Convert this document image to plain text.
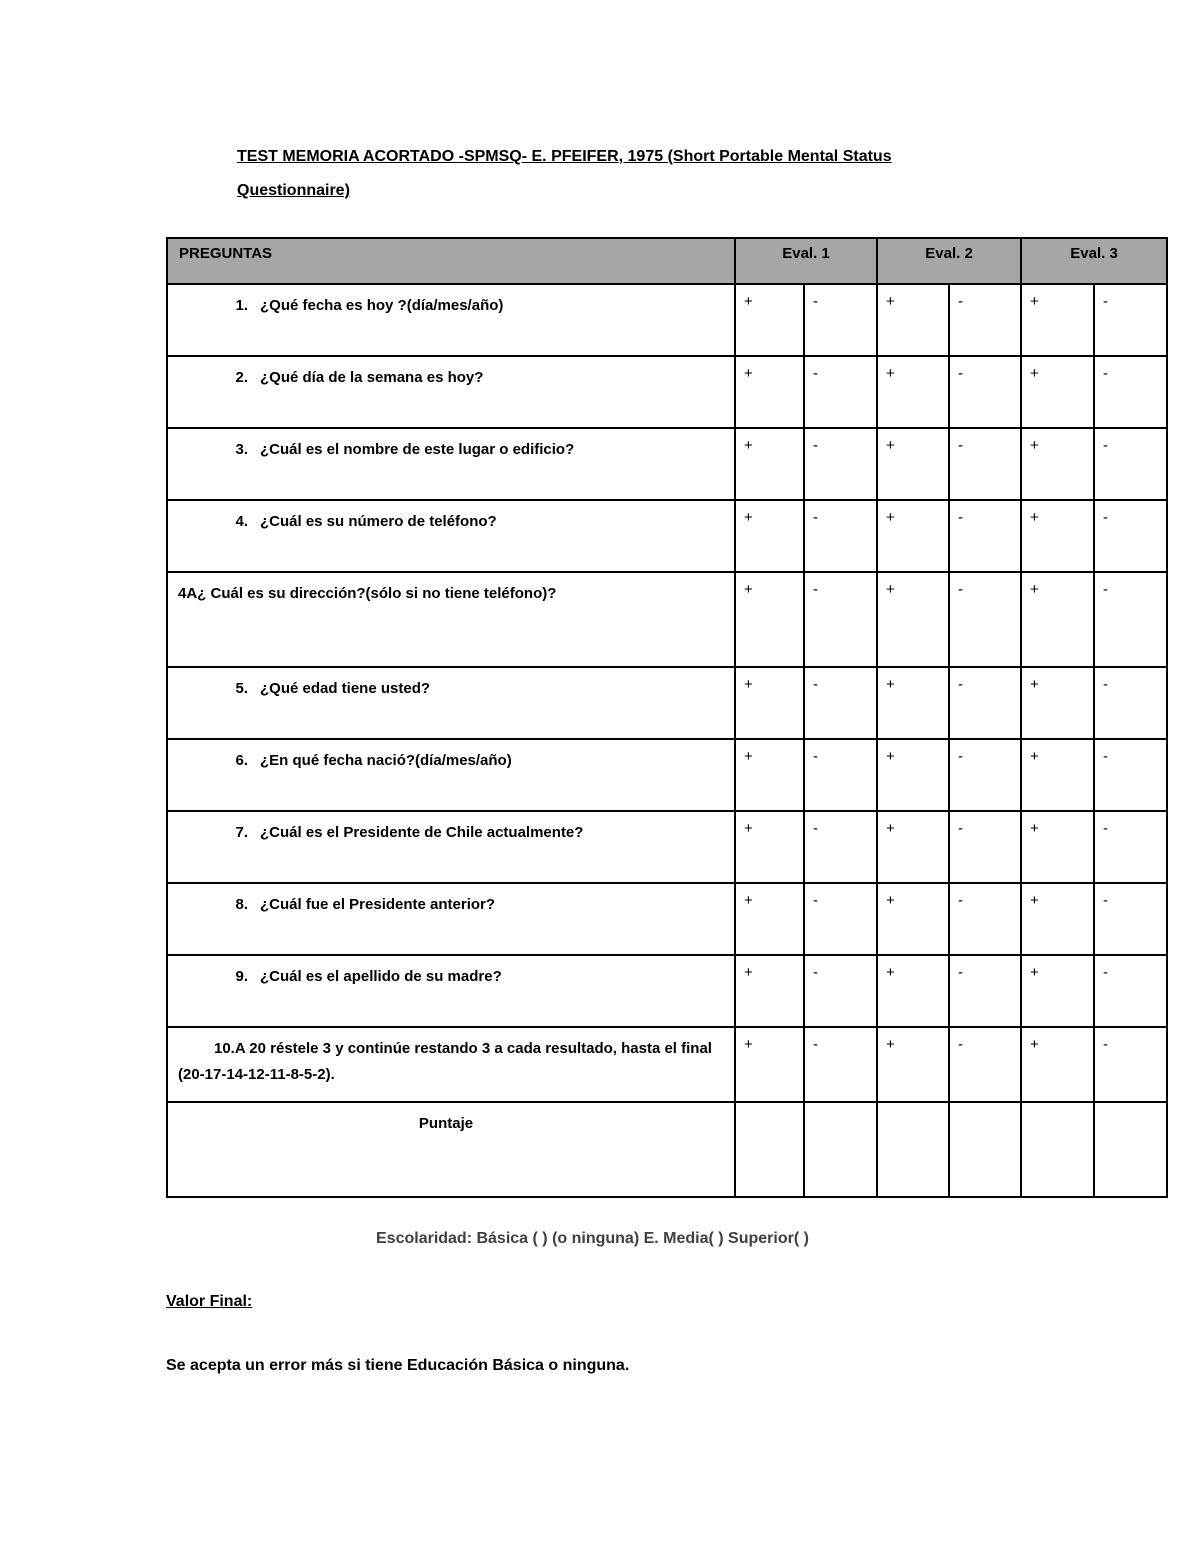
TEST MEMORIA ACORTADO -SPMSQ- E. PFEIFER, 1975 (Short Portable Mental Status
Questionnaire)
PREGUNTAS	Eval. 1		Eval. 2		Eval. 3	

1. ¿Qué fecha es hoy ?(día/mes/año)	+	-	+	-	+	-

2. ¿Qué día de la semana es hoy?	+	-	+	-	+	-

3. ¿Cuál es el nombre de este lugar o edificio?	+	-	+	-	+	-

4. ¿Cuál es su número de teléfono?	+	-	+	-	+	-

4A¿ Cuál es su dirección?(sólo si no tiene teléfono)?	+	-	+	-	+	-

5. ¿Qué edad tiene usted?	+	-	+	-	+	-

6. ¿En qué fecha nació?(día/mes/año)	+	-	+	-	+	-

7. ¿Cuál es el Presidente de Chile actualmente?	+	-	+	-	+	-

8. ¿Cuál fue el Presidente anterior?	+	-	+	-	+	-

9. ¿Cuál es el apellido de su madre?	+	-	+	-	+	-

10.A 20 réstele 3 y continúe restando 3 a cada resultado, hasta el final (20-17-14-12-11-8-5-2).	+	-	+	-	+	-

Puntaje						

Escolaridad: Básica ( ) (o ninguna) E. Media( ) Superior( )
Valor Final:
Se acepta un error más si tiene Educación Básica o ninguna.
